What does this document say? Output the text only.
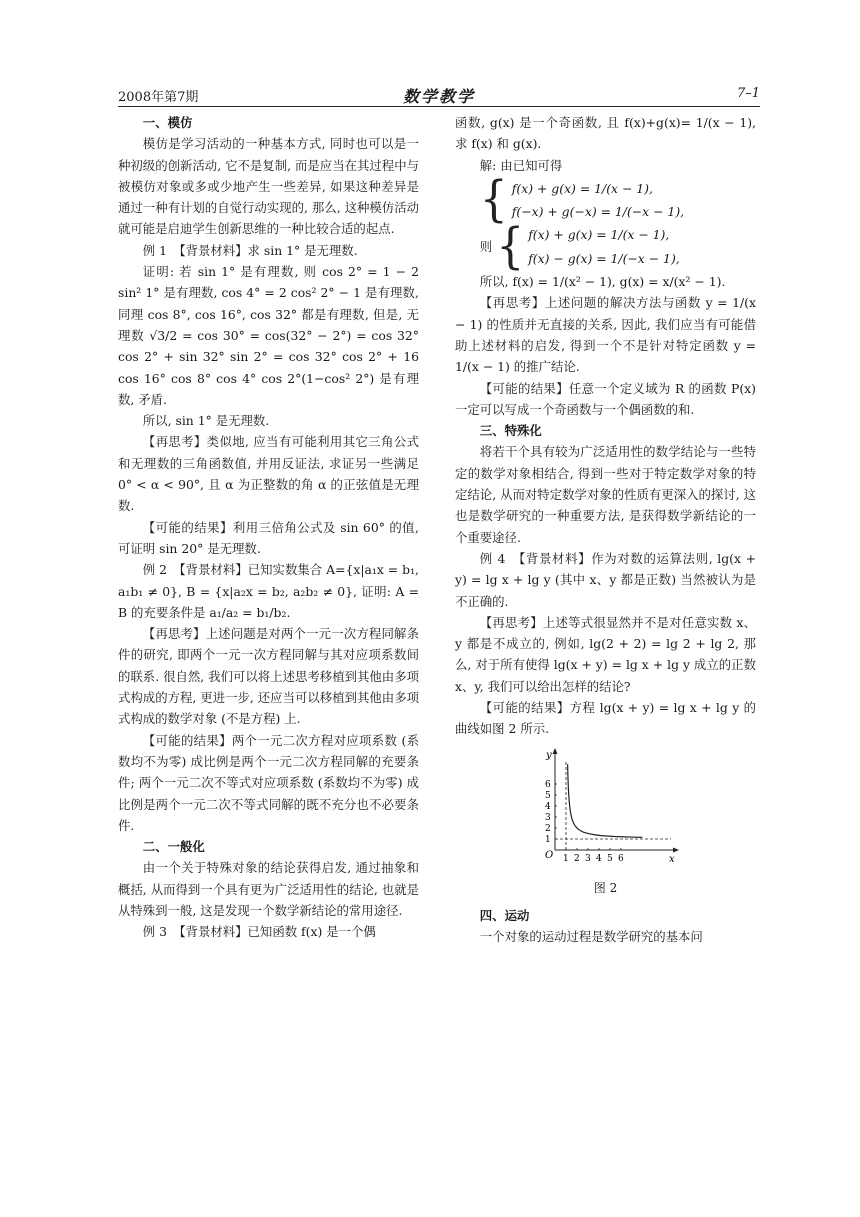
2008年第7期	数学教学	7–1

一、模仿

模仿是学习活动的一种基本方式, 同时也可以是一种初级的创新活动, 它不是复制, 而是应当在其过程中与被模仿对象或多或少地产生一些差异, 如果这种差异是通过一种有计划的自觉行动实现的, 那么, 这种模仿活动就可能是启迪学生创新思维的一种比较合适的起点.

例 1　【背景材料】求 sin 1° 是无理数.

证明: 若 sin 1° 是有理数, 则 cos 2° = 1 − 2 sin² 1° 是有理数, cos 4° = 2 cos² 2° − 1 是有理数, 同理 cos 8°, cos 16°, cos 32° 都是有理数, 但是, 无理数 √3/2 = cos 30° = cos(32° − 2°) = cos 32° cos 2° + sin 32° sin 2° = cos 32° cos 2° + 16 cos 16° cos 8° cos 4° cos 2°(1−cos² 2°) 是有理数, 矛盾.

所以, sin 1° 是无理数.

【再思考】类似地, 应当有可能利用其它三角公式和无理数的三角函数值, 并用反证法, 求证另一些满足 0° < α < 90°, 且 α 为正整数的角 α 的正弦值是无理数.

【可能的结果】利用三倍角公式及 sin 60° 的值, 可证明 sin 20° 是无理数.

例 2　【背景材料】已知实数集合 A={x|a₁x = b₁, a₁b₁ ≠ 0}, B = {x|a₂x = b₂, a₂b₂ ≠ 0}, 证明: A = B 的充要条件是 a₁/a₂ = b₁/b₂.

【再思考】上述问题是对两个一元一次方程同解条件的研究, 即两个一元一次方程同解与其对应项系数间的联系. 很自然, 我们可以将上述思考移植到其他由多项式构成的方程, 更进一步, 还应当可以移植到其他由多项式构成的数学对象 (不是方程) 上.

【可能的结果】两个一元二次方程对应项系数 (系数均不为零) 成比例是两个一元二次方程同解的充要条件; 两个一元二次不等式对应项系数 (系数均不为零) 成比例是两个一元二次不等式同解的既不充分也不必要条件.

二、一般化

由一个关于特殊对象的结论获得启发, 通过抽象和概括, 从而得到一个具有更为广泛适用性的结论, 也就是从特殊到一般, 这是发现一个数学新结论的常用途径.

例 3　【背景材料】已知函数 f(x) 是一个偶

函数, g(x) 是一个奇函数, 且 f(x)+g(x)= 1/(x − 1), 求 f(x) 和 g(x).

解: 由已知可得

{ f(x) + g(x) = 1/(x − 1),
f(−x) + g(−x) = 1/(−x − 1),
则 { f(x) + g(x) = 1/(x − 1),
f(x) − g(x) = 1/(−x − 1),

所以, f(x) = 1/(x² − 1), g(x) = x/(x² − 1).

【再思考】上述问题的解决方法与函数 y = 1/(x − 1) 的性质并无直接的关系, 因此, 我们应当有可能借助上述材料的启发, 得到一个不是针对特定函数 y = 1/(x − 1) 的推广结论.

【可能的结果】任意一个定义域为 R 的函数 P(x) 一定可以写成一个奇函数与一个偶函数的和.

三、特殊化

将若干个具有较为广泛适用性的数学结论与一些特定的数学对象相结合, 得到一些对于特定数学对象的特定结论, 从而对特定数学对象的性质有更深入的探讨, 这也是数学研究的一种重要方法, 是获得数学新结论的一个重要途径.

例 4　【背景材料】作为对数的运算法则, lg(x + y) = lg x + lg y (其中 x、y 都是正数) 当然被认为是不正确的.

【再思考】上述等式很显然并不是对任意实数 x、y 都是不成立的, 例如, lg(2 + 2) = lg 2 + lg 2, 那么, 对于所有使得 lg(x + y) = lg x + lg y 成立的正数 x、y, 我们可以给出怎样的结论?

【可能的结果】方程 lg(x + y) = lg x + lg y 的曲线如图 2 所示.

O
y
x
1 2 3 4 5 6
1
2
3
4
5
6
图 2

四、运动

一个对象的运动过程是数学研究的基本问
